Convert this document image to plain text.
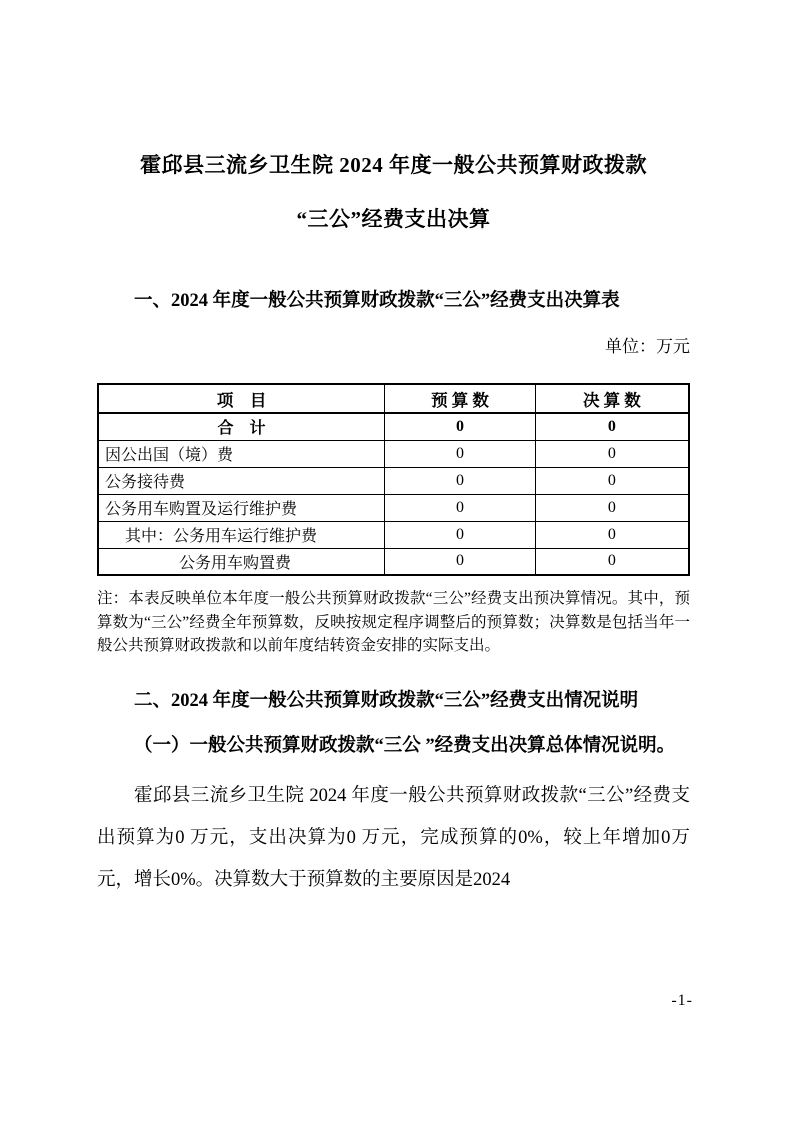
霍邱县三流乡卫生院 2024 年度一般公共预算财政拨款
“三公”经费支出决算
一、2024 年度一般公共预算财政拨款“三公”经费支出决算表
单位：万元
项　目	预 算 数	决 算 数
合　计	0	0
因公出国（境）费	0	0
公务接待费	0	0
公务用车购置及运行维护费	0	0
其中：公务用车运行维护费	0	0
公务用车购置费	0	0
注：本表反映单位本年度一般公共预算财政拨款“三公”经费支出预决算情况。其中，预算数为“三公”经费全年预算数，反映按规定程序调整后的预算数；决算数是包括当年一般公共预算财政拨款和以前年度结转资金安排的实际支出。
二、2024 年度一般公共预算财政拨款“三公”经费支出情况说明
（一）一般公共预算财政拨款“三公 ”经费支出决算总体情况说明。
霍邱县三流乡卫生院 2024 年度一般公共预算财政拨款“三公”经费支出预算为0 万元，支出决算为0 万元，完成预算的0%，较上年增加0万元，增长0%。决算数大于预算数的主要原因是2024
-1-
